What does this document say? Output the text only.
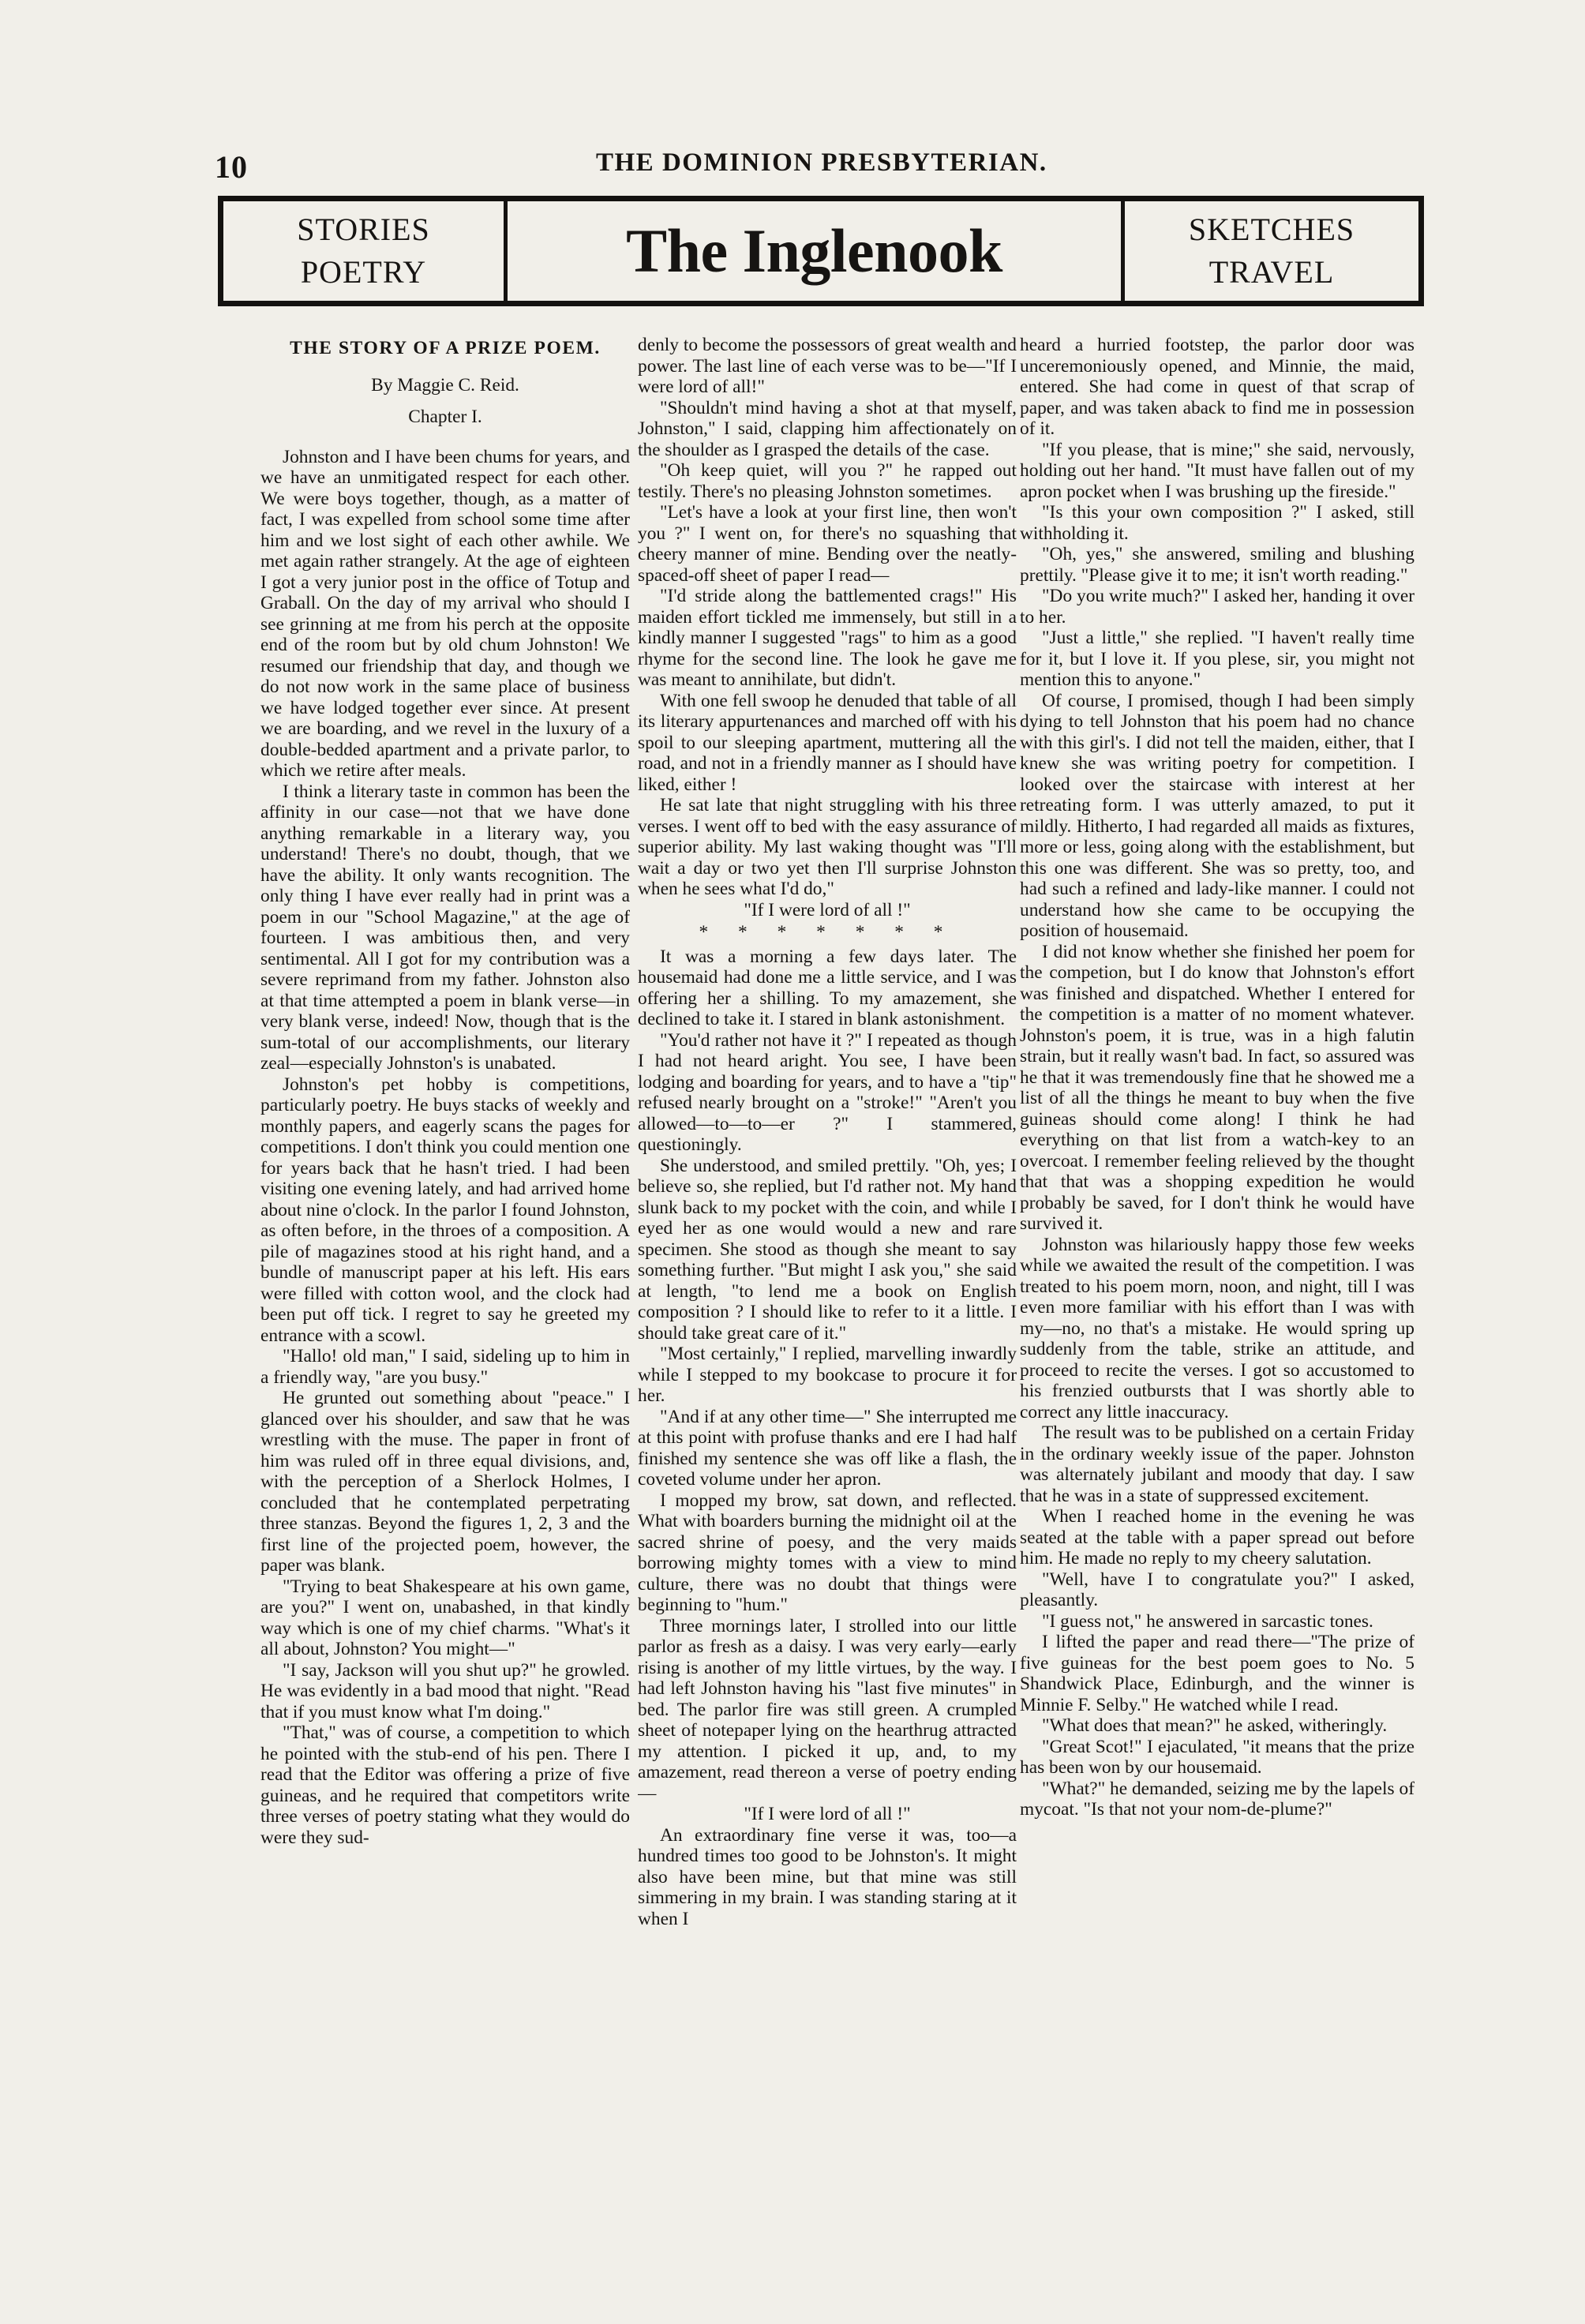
10	THE DOMINION PRESBYTERIAN.
STORIES
POETRY	The Inglenook	SKETCHES
TRAVEL
THE STORY OF A PRIZE POEM.
By Maggie C. Reid.
Chapter I.

Johnston and I have been chums for years, and we have an unmitigated respect for each other. We were boys together, though, as a matter of fact, I was expelled from school some time after him and we lost sight of each other awhile. We met again rather strangely. At the age of eighteen I got a very junior post in the office of Totup and Graball. On the day of my arrival who should I see grinning at me from his perch at the opposite end of the room but by old chum Johnston! We resumed our friendship that day, and though we do not now work in the same place of business we have lodged together ever since. At present we are boarding, and we revel in the luxury of a double-bedded apartment and a private parlor, to which we retire after meals.

I think a literary taste in common has been the affinity in our case—not that we have done anything remarkable in a literary way, you understand! There's no doubt, though, that we have the ability. It only wants recognition. The only thing I have ever really had in print was a poem in our "School Magazine," at the age of fourteen. I was ambitious then, and very sentimental. All I got for my contribution was a severe reprimand from my father. Johnston also at that time attempted a poem in blank verse—in very blank verse, indeed! Now, though that is the sum-total of our accomplishments, our literary zeal—especially Johnston's is unabated.

Johnston's pet hobby is competitions, particularly poetry. He buys stacks of weekly and monthly papers, and eagerly scans the pages for competitions. I don't think you could mention one for years back that he hasn't tried. I had been visiting one evening lately, and had arrived home about nine o'clock. In the parlor I found Johnston, as often before, in the throes of a composition. A pile of magazines stood at his right hand, and a bundle of manuscript paper at his left. His ears were filled with cotton wool, and the clock had been put off tick. I regret to say he greeted my entrance with a scowl.

"Hallo! old man," I said, sideling up to him in a friendly way, "are you busy."

He grunted out something about "peace." I glanced over his shoulder, and saw that he was wrestling with the muse. The paper in front of him was ruled off in three equal divisions, and, with the perception of a Sherlock Holmes, I concluded that he contemplated perpetrating three stanzas. Beyond the figures 1, 2, 3 and the first line of the projected poem, however, the paper was blank.

"Trying to beat Shakespeare at his own game, are you?" I went on, unabashed, in that kindly way which is one of my chief charms. "What's it all about, Johnston? You might—"

"I say, Jackson will you shut up?" he growled. He was evidently in a bad mood that night. "Read that if you must know what I'm doing."

"That," was of course, a competition to which he pointed with the stub-end of his pen. There I read that the Editor was offering a prize of five guineas, and he required that competitors write three verses of poetry stating what they would do were they sud-

denly to become the possessors of great wealth and power. The last line of each verse was to be—"If I were lord of all!"

"Shouldn't mind having a shot at that myself, Johnston," I said, clapping him affectionately on the shoulder as I grasped the details of the case.

"Oh keep quiet, will you ?" he rapped out testily. There's no pleasing Johnston sometimes.

"Let's have a look at your first line, then won't you ?" I went on, for there's no squashing that cheery manner of mine. Bending over the neatly-spaced-off sheet of paper I read—

"I'd stride along the battlemented crags!" His maiden effort tickled me immensely, but still in a kindly manner I suggested "rags" to him as a good rhyme for the second line. The look he gave me was meant to annihilate, but didn't.

With one fell swoop he denuded that table of all its literary appurtenances and marched off with his spoil to our sleeping apartment, muttering all the road, and not in a friendly manner as I should have liked, either !

He sat late that night struggling with his three verses. I went off to bed with the easy assurance of superior ability. My last waking thought was "I'll wait a day or two yet then I'll surprise Johnston when he sees what I'd do,"

"If I were lord of all !"

* * * * * * *

It was a morning a few days later. The housemaid had done me a little service, and I was offering her a shilling. To my amazement, she declined to take it. I stared in blank astonishment.

"You'd rather not have it ?" I repeated as though I had not heard aright. You see, I have been lodging and boarding for years, and to have a "tip" refused nearly brought on a "stroke!" "Aren't you allowed—to—to—er ?" I stammered, questioningly.

She understood, and smiled prettily. "Oh, yes; I believe so, she replied, but I'd rather not. My hand slunk back to my pocket with the coin, and while I eyed her as one would would a new and rare specimen. She stood as though she meant to say something further. "But might I ask you," she said at length, "to lend me a book on English composition ? I should like to refer to it a little. I should take great care of it."

"Most certainly," I replied, marvelling inwardly while I stepped to my bookcase to procure it for her.

"And if at any other time—" She interrupted me at this point with profuse thanks and ere I had half finished my sentence she was off like a flash, the coveted volume under her apron.

I mopped my brow, sat down, and reflected. What with boarders burning the midnight oil at the sacred shrine of poesy, and the very maids borrowing mighty tomes with a view to mind culture, there was no doubt that things were beginning to "hum."

Three mornings later, I strolled into our little parlor as fresh as a daisy. I was very early—early rising is another of my little virtues, by the way. I had left Johnston having his "last five minutes" in bed. The parlor fire was still green. A crumpled sheet of notepaper lying on the hearthrug attracted my attention. I picked it up, and, to my amazement, read thereon a verse of poetry ending—

"If I were lord of all !"

An extraordinary fine verse it was, too—a hundred times too good to be Johnston's. It might also have been mine, but that mine was still simmering in my brain. I was standing staring at it when I

heard a hurried footstep, the parlor door was unceremoniously opened, and Minnie, the maid, entered. She had come in quest of that scrap of paper, and was taken aback to find me in possession of it.

"If you please, that is mine;" she said, nervously, holding out her hand. "It must have fallen out of my apron pocket when I was brushing up the fireside."

"Is this your own composition ?" I asked, still withholding it.

"Oh, yes," she answered, smiling and blushing prettily. "Please give it to me; it isn't worth reading."

"Do you write much?" I asked her, handing it over to her.

"Just a little," she replied. "I haven't really time for it, but I love it. If you plese, sir, you might not mention this to anyone."

Of course, I promised, though I had been simply dying to tell Johnston that his poem had no chance with this girl's. I did not tell the maiden, either, that I knew she was writing poetry for competition. I looked over the staircase with interest at her retreating form. I was utterly amazed, to put it mildly. Hitherto, I had regarded all maids as fixtures, more or less, going along with the establishment, but this one was different. She was so pretty, too, and had such a refined and lady-like manner. I could not understand how she came to be occupying the position of housemaid.

I did not know whether she finished her poem for the competion, but I do know that Johnston's effort was finished and dispatched. Whether I entered for the competition is a matter of no moment whatever. Johnston's poem, it is true, was in a high falutin strain, but it really wasn't bad. In fact, so assured was he that it was tremendously fine that he showed me a list of all the things he meant to buy when the five guineas should come along! I think he had everything on that list from a watch-key to an overcoat. I remember feeling relieved by the thought that that was a shopping expedition he would probably be saved, for I don't think he would have survived it.

Johnston was hilariously happy those few weeks while we awaited the result of the competition. I was treated to his poem morn, noon, and night, till I was even more familiar with his effort than I was with my—no, no that's a mistake. He would spring up suddenly from the table, strike an attitude, and proceed to recite the verses. I got so accustomed to his frenzied outbursts that I was shortly able to correct any little inaccuracy.

The result was to be published on a certain Friday in the ordinary weekly issue of the paper. Johnston was alternately jubilant and moody that day. I saw that he was in a state of suppressed excitement.

When I reached home in the evening he was seated at the table with a paper spread out before him. He made no reply to my cheery salutation.

"Well, have I to congratulate you?" I asked, pleasantly.

"I guess not," he answered in sarcastic tones.

I lifted the paper and read there—"The prize of five guineas for the best poem goes to No. 5 Shandwick Place, Edinburgh, and the winner is Minnie F. Selby." He watched while I read.

"What does that mean?" he asked, witheringly.

"Great Scot!" I ejaculated, "it means that the prize has been won by our housemaid.

"What?" he demanded, seizing me by the lapels of mycoat. "Is that not your nom-de-plume?"
